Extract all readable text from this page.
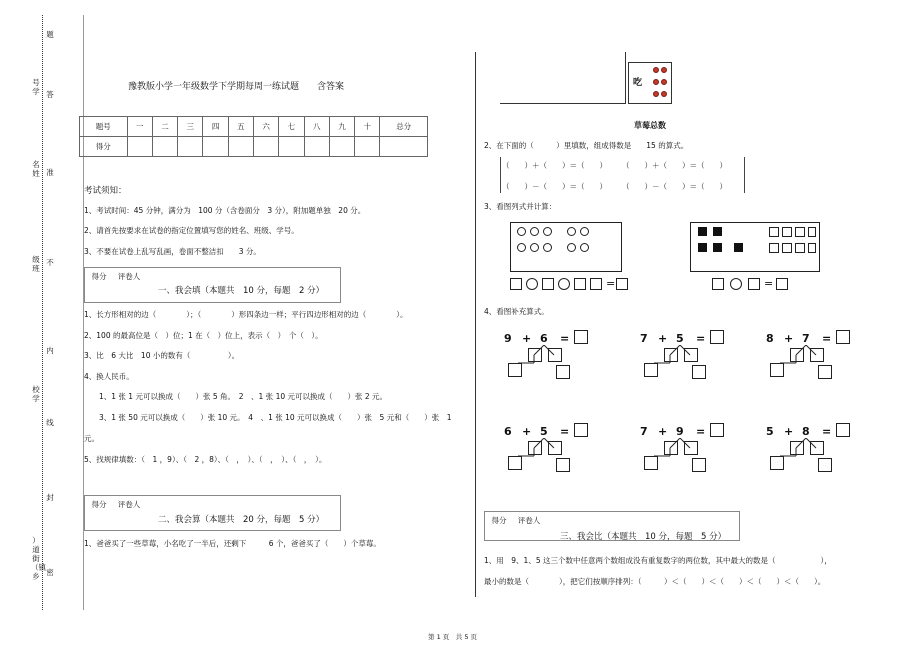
题
答
准
不
内
线
封
密
号学
名姓
级班
校学
）道街（镇乡
豫教版小学一年级数学下学期每周一练试题　　含答案
题号	一	二	三	四	五	六	七	八	九	十	总分
得分											
考试须知：
1、考试时间：45 分钟，满分为　100 分（含卷面分　3 分），附加题单独　20 分。
2、请首先按要求在试卷的指定位置填写您的姓名、班级、学号。
3、不要在试卷上乱写乱画，卷面不整洁扣　　3 分。
得分	评卷人
一、我会填（本题共　10 分，每题　2 分）
1、长方形相对的边（　　　　）；（　　　　）形四条边一样；平行四边形相对的边（　　　　）。
2、100 的最高位是（　）位；1 在（　）位上，表示（　）　个（　）。
3、比　6 大比　10 小的数有（　　　　　）。
4、换人民币。
1、1 张 1 元可以换成（　　）张 5 角。　2　、1 张 10 元可以换成（　　）张 2 元。
3、1 张 50 元可以换成（　　）张 10 元。　4　、1 张 10 元可以换成（　　）张　5 元和（　　）张　1
元。
5、找规律填数：（　1 ，9）、（　2 ，8）、（　，　）、（　，　）、（　，　）。
得分	评卷人
二、我会算（本题共　20 分，每题　5 分）
1、爸爸买了一些草莓，小名吃了一半后，还剩下　　　6 个，爸爸买了（　　）个草莓。
吃
草莓总数
2、在下面的（　　　）里填数，组成得数是　　15 的算式。
（　　）＋（　　）＝（　　）　　　（　　）＋（　　）＝（　　）
（　　）－（　　）＝（　　）　　　（　　）－（　　）＝（　　）
3、看图列式并计算：
=	=
4、看图补充算式。
9 + 6 =	7 + 5 =	8 + 7 =
6 + 5 =	7 + 9 =	5 + 8 =
得分	评卷人
三、我会比（本题共　10 分，每题　5 分）
1、用　9、1、5 这三个数中任意两个数组成没有重复数字的两位数，其中最大的数是（　　　　　　），
最小的数是（　　　　），把它们按顺序排列：（　　　）＜（　　）＜（　　）＜（　　）＜（　　）。
第 1 页　共 5 页
